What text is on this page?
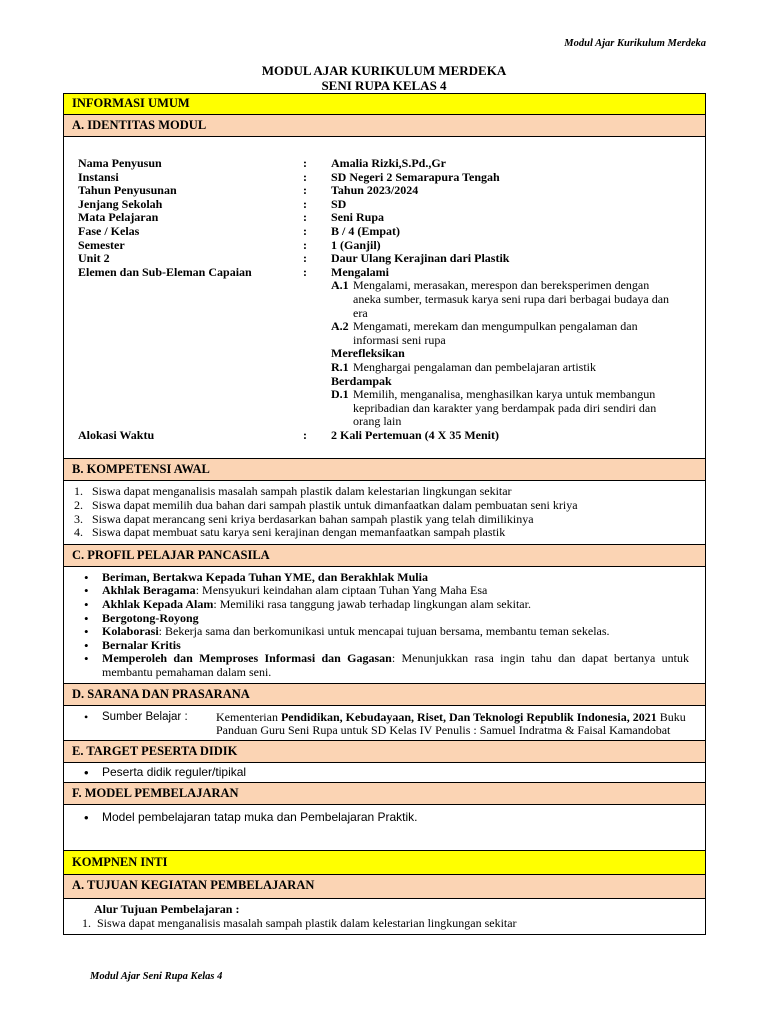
Modul Ajar Kurikulum Merdeka
MODUL AJAR KURIKULUM MERDEKA
SENI RUPA KELAS 4
INFORMASI UMUM
A. IDENTITAS MODUL
Nama Penyusun	:	Amalia Rizki,S.Pd.,Gr
Instansi	:	SD Negeri 2 Semarapura Tengah
Tahun Penyusunan	:	Tahun 2023/2024
Jenjang Sekolah	:	SD
Mata Pelajaran	:	Seni Rupa
Fase / Kelas	:	B / 4 (Empat)
Semester	:	1 (Ganjil)
Unit 2	:	Daur Ulang Kerajinan dari Plastik
Elemen dan Sub-Eleman Capaian	:	Mengalami
A.1 Mengalami, merasakan, merespon dan bereksperimen dengan aneka sumber, termasuk karya seni rupa dari berbagai budaya dan era
A.2 Mengamati, merekam dan mengumpulkan pengalaman dan informasi seni rupa
Merefleksikan
R.1 Menghargai pengalaman dan pembelajaran artistik
Berdampak
D.1 Memilih, menganalisa, menghasilkan karya untuk membangun kepribadian dan karakter yang berdampak pada diri sendiri dan orang lain
Alokasi Waktu	:	2 Kali Pertemuan (4 X 35 Menit)
B. KOMPETENSI AWAL
1. Siswa dapat menganalisis masalah sampah plastik dalam kelestarian lingkungan sekitar
2. Siswa dapat memilih dua bahan dari sampah plastik untuk dimanfaatkan dalam pembuatan seni kriya
3. Siswa dapat merancang seni kriya berdasarkan bahan sampah plastik yang telah dimilikinya
4. Siswa dapat membuat satu karya seni kerajinan dengan memanfaatkan sampah plastik
C. PROFIL PELAJAR PANCASILA
• Beriman, Bertakwa Kepada Tuhan YME, dan Berakhlak Mulia
• Akhlak Beragama: Mensyukuri keindahan alam ciptaan Tuhan Yang Maha Esa
• Akhlak Kepada Alam: Memiliki rasa tanggung jawab terhadap lingkungan alam sekitar.
• Bergotong-Royong
• Kolaborasi: Bekerja sama dan berkomunikasi untuk mencapai tujuan bersama, membantu teman sekelas.
• Bernalar Kritis
• Memperoleh dan Memproses Informasi dan Gagasan: Menunjukkan rasa ingin tahu dan dapat bertanya untuk membantu pemahaman dalam seni.
D. SARANA DAN PRASARANA
• Sumber Belajar :	Kementerian Pendidikan, Kebudayaan, Riset, Dan Teknologi Republik Indonesia, 2021 Buku Panduan Guru Seni Rupa untuk SD Kelas IV Penulis : Samuel Indratma & Faisal Kamandobat
E. TARGET PESERTA DIDIK
• Peserta didik reguler/tipikal
F. MODEL PEMBELAJARAN
• Model pembelajaran tatap muka dan Pembelajaran Praktik.
KOMPNEN INTI
A. TUJUAN KEGIATAN PEMBELAJARAN
Alur Tujuan Pembelajaran :
1.  Siswa dapat menganalisis masalah sampah plastik dalam kelestarian lingkungan sekitar
Modul Ajar Seni Rupa Kelas 4
